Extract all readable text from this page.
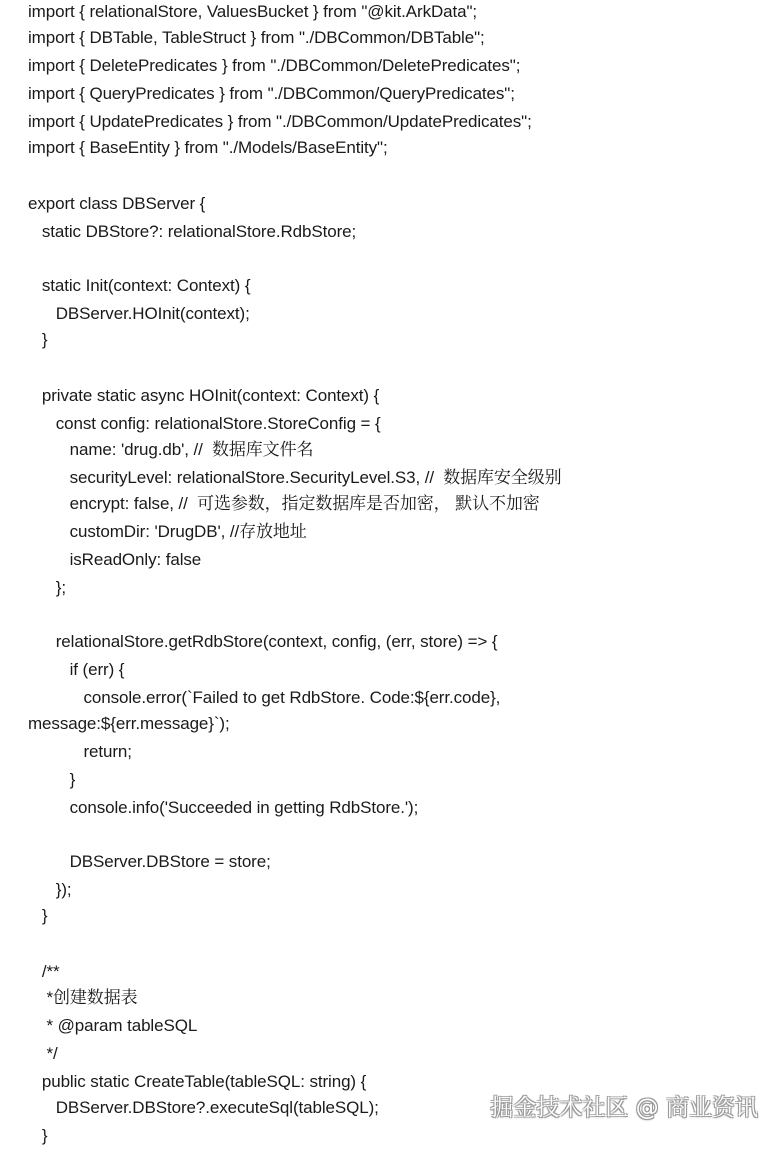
import { relationalStore, ValuesBucket } from "@kit.ArkData";
import { DBTable, TableStruct } from "./DBCommon/DBTable";
import { DeletePredicates } from "./DBCommon/DeletePredicates";
import { QueryPredicates } from "./DBCommon/QueryPredicates";
import { UpdatePredicates } from "./DBCommon/UpdatePredicates";
import { BaseEntity } from "./Models/BaseEntity";
export class DBServer {
static DBStore?: relationalStore.RdbStore;
static Init(context: Context) {
DBServer.HOInit(context);
}
private static async HOInit(context: Context) {
const config: relationalStore.StoreConfig = {
name: 'drug.db', //  数据库文件名
securityLevel: relationalStore.SecurityLevel.S3, //  数据库安全级别
encrypt: false, //  可选参数，指定数据库是否加密， 默认不加密
customDir: 'DrugDB', //存放地址
isReadOnly: false
};
relationalStore.getRdbStore(context, config, (err, store) => {
if (err) {
console.error(`Failed to get RdbStore. Code:${err.code},
message:${err.message}`);
return;
}
console.info('Succeeded in getting RdbStore.');
DBServer.DBStore = store;
});
}
/**
*创建数据表
* @param tableSQL
*/
public static CreateTable(tableSQL: string) {
DBServer.DBStore?.executeSql(tableSQL);
}
掘金技术社区 @ 商业资讯
